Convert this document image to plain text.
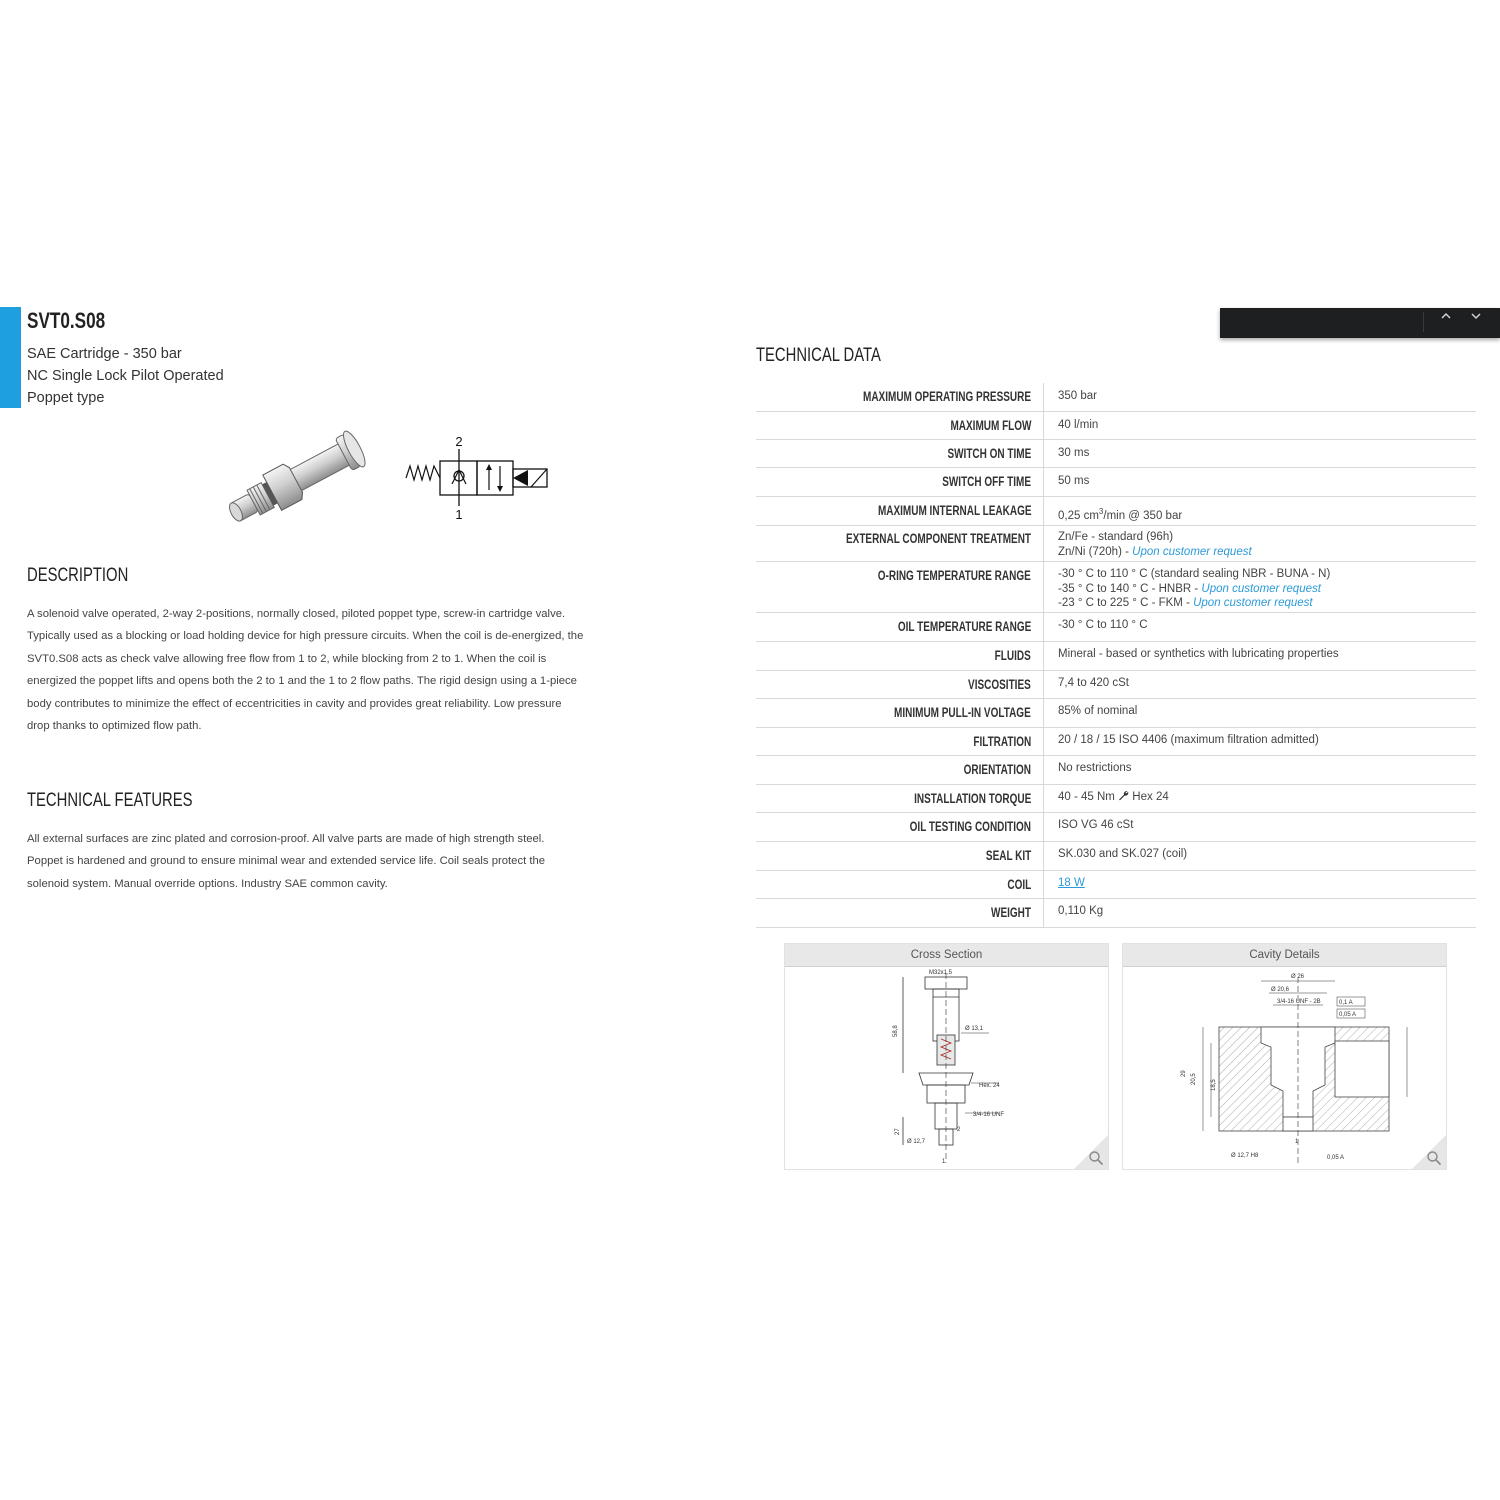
SVT0.S08
SAE Cartridge - 350 bar
NC Single Lock Pilot Operated
Poppet type
2
1
DESCRIPTION
A solenoid valve operated, 2-way 2-positions, normally closed, piloted poppet type, screw-in cartridge valve.
Typically used as a blocking or load holding device for high pressure circuits. When the coil is de-energized, the
SVT0.S08 acts as check valve allowing free flow from 1 to 2, while blocking from 2 to 1. When the coil is
energized the poppet lifts and opens both the 2 to 1 and the 1 to 2 flow paths. The rigid design using a 1-piece
body contributes to minimize the effect of eccentricities in cavity and provides great reliability. Low pressure
drop thanks to optimized flow path.
TECHNICAL FEATURES
All external surfaces are zinc plated and corrosion-proof. All valve parts are made of high strength steel.
Poppet is hardened and ground to ensure minimal wear and extended service life. Coil seals protect the
solenoid system. Manual override options. Industry SAE common cavity.
TECHNICAL DATA
MAXIMUM OPERATING PRESSURE	350 bar
MAXIMUM FLOW	40 l/min
SWITCH ON TIME	30 ms
SWITCH OFF TIME	50 ms
MAXIMUM INTERNAL LEAKAGE	0,25 $cm^3/\min$ @ 350 bar
EXTERNAL COMPONENT TREATMENT	Zn/Fe - standard (96h)
Zn/Ni (720h) - Upon customer request
O-RING TEMPERATURE RANGE	-30 ° C to 110 ° C (standard sealing NBR - BUNA - N)
-35 ° C to 140 ° C - HNBR - Upon customer request
-23 ° C to 225 ° C - FKM - Upon customer request
OIL TEMPERATURE RANGE	-30 ° C to 110 ° C
FLUIDS	Mineral - based or synthetics with lubricating properties
VISCOSITIES	7,4 to 420 cSt
MINIMUM PULL-IN VOLTAGE	85% of nominal
FILTRATION	20 / 18 / 15 ISO 4406 (maximum filtration admitted)
ORIENTATION	No restrictions
INSTALLATION TORQUE	40 - 45 Nm Hex 24
OIL TESTING CONDITION	ISO VG 46 cSt
SEAL KIT	SK.030 and SK.027 (coil)
COIL	18 W
WEIGHT	0,110 Kg
Cross Section
M32x1,5
58,8	Ø 13,1
Hex. 24
3/4-16 UNF
27
Ø 12,7
2
1
Cavity Details
Ø 26
Ø 20,6
3/4-16 UNF - 2B	0,1 A
0,05 A
20,5
18,5
29
Ø 12,7 H8	0,05 A
1
